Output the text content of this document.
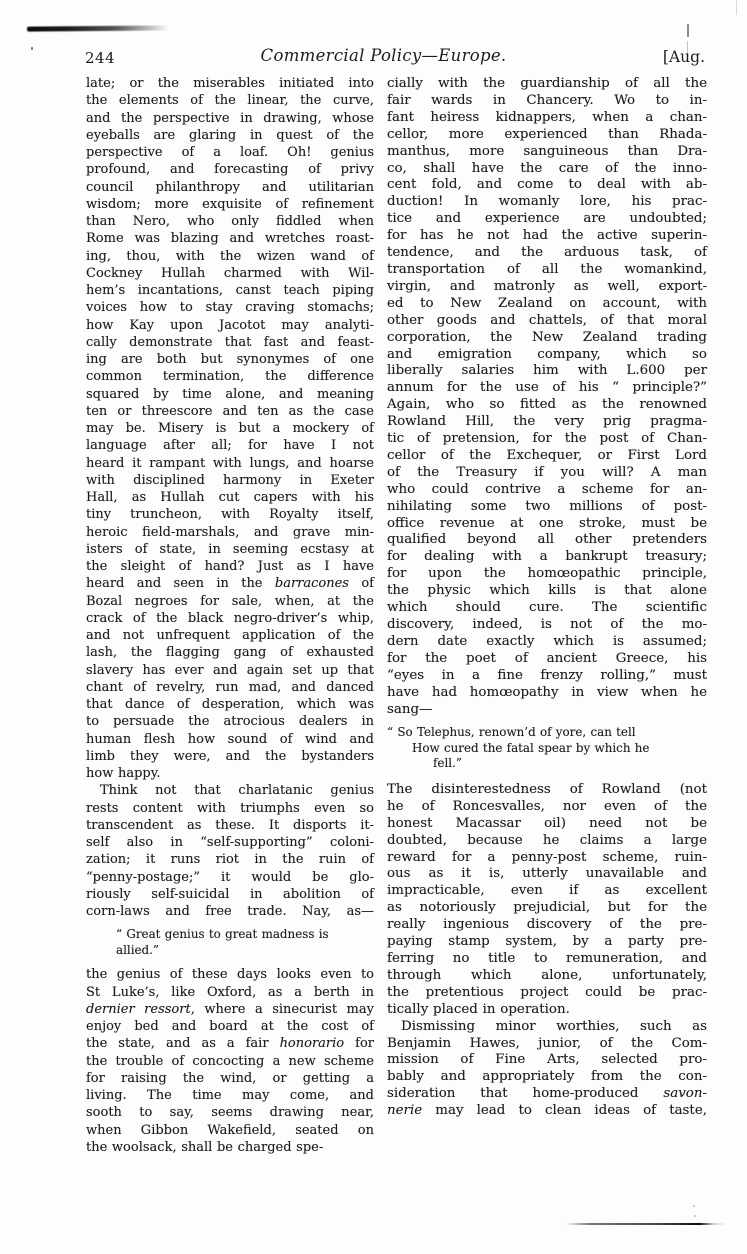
244	Commercial Policy—Europe.	[Aug.
late; or the miserables initiated into
the elements of the linear, the curve,
and the perspective in drawing, whose
eyeballs are glaring in quest of the
perspective of a loaf. Oh! genius
profound, and forecasting of privy
council philanthropy and utilitarian
wisdom; more exquisite of refinement
than Nero, who only fiddled when
Rome was blazing and wretches roast-
ing, thou, with the wizen wand of
Cockney Hullah charmed with Wil-
hem’s incantations, canst teach piping
voices how to stay craving stomachs;
how Kay upon Jacotot may analyti-
cally demonstrate that fast and feast-
ing are both but synonymes of one
common termination, the difference
squared by time alone, and meaning
ten or threescore and ten as the case
may be. Misery is but a mockery of
language after all; for have I not
heard it rampant with lungs, and hoarse
with disciplined harmony in Exeter
Hall, as Hullah cut capers with his
tiny truncheon, with Royalty itself,
heroic field-marshals, and grave min-
isters of state, in seeming ecstasy at
the sleight of hand? Just as I have
heard and seen in the barracones of
Bozal negroes for sale, when, at the
crack of the black negro-driver’s whip,
and not unfrequent application of the
lash, the flagging gang of exhausted
slavery has ever and again set up that
chant of revelry, run mad, and danced
that dance of desperation, which was
to persuade the atrocious dealers in
human flesh how sound of wind and
limb they were, and the bystanders
how happy.
Think not that charlatanic genius
rests content with triumphs even so
transcendent as these. It disports it-
self also in “self-supporting” coloni-
zation; it runs riot in the ruin of
“penny-postage;” it would be glo-
riously self-suicidal in abolition of
corn-laws and free trade. Nay, as—
“ Great genius to great madness is allied.”
the genius of these days looks even to
St Luke’s, like Oxford, as a berth in
dernier ressort, where a sinecurist may
enjoy bed and board at the cost of
the state, and as a fair honorario for
the trouble of concocting a new scheme
for raising the wind, or getting a
living. The time may come, and
sooth to say, seems drawing near,
when Gibbon Wakefield, seated on
the woolsack, shall be charged spe-
cially with the guardianship of all the
fair wards in Chancery. Wo to in-
fant heiress kidnappers, when a chan-
cellor, more experienced than Rhada-
manthus, more sanguineous than Dra-
co, shall have the care of the inno-
cent fold, and come to deal with ab-
duction! In womanly lore, his prac-
tice and experience are undoubted;
for has he not had the active superin-
tendence, and the arduous task, of
transportation of all the womankind,
virgin, and matronly as well, export-
ed to New Zealand on account, with
other goods and chattels, of that moral
corporation, the New Zealand trading
and emigration company, which so
liberally salaries him with L.600 per
annum for the use of his “ principle?”
Again, who so fitted as the renowned
Rowland Hill, the very prig pragma-
tic of pretension, for the post of Chan-
cellor of the Exchequer, or First Lord
of the Treasury if you will? A man
who could contrive a scheme for an-
nihilating some two millions of post-
office revenue at one stroke, must be
qualified beyond all other pretenders
for dealing with a bankrupt treasury;
for upon the homœopathic principle,
the physic which kills is that alone
which should cure. The scientific
discovery, indeed, is not of the mo-
dern date exactly which is assumed;
for the poet of ancient Greece, his
“eyes in a fine frenzy rolling,” must
have had homœopathy in view when he
sang—
“ So Telephus, renown’d of yore, can tell
How cured the fatal spear by which he
fell.”
The disinterestedness of Rowland (not
he of Roncesvalles, nor even of the
honest Macassar oil) need not be
doubted, because he claims a large
reward for a penny-post scheme, ruin-
ous as it is, utterly unavailable and
impracticable, even if as excellent
as notoriously prejudicial, but for the
really ingenious discovery of the pre-
paying stamp system, by a party pre-
ferring no title to remuneration, and
through which alone, unfortunately,
the pretentious project could be prac-
tically placed in operation.
Dismissing minor worthies, such as
Benjamin Hawes, junior, of the Com-
mission of Fine Arts, selected pro-
bably and appropriately from the con-
sideration that home-produced savon-
nerie may lead to clean ideas of taste,
